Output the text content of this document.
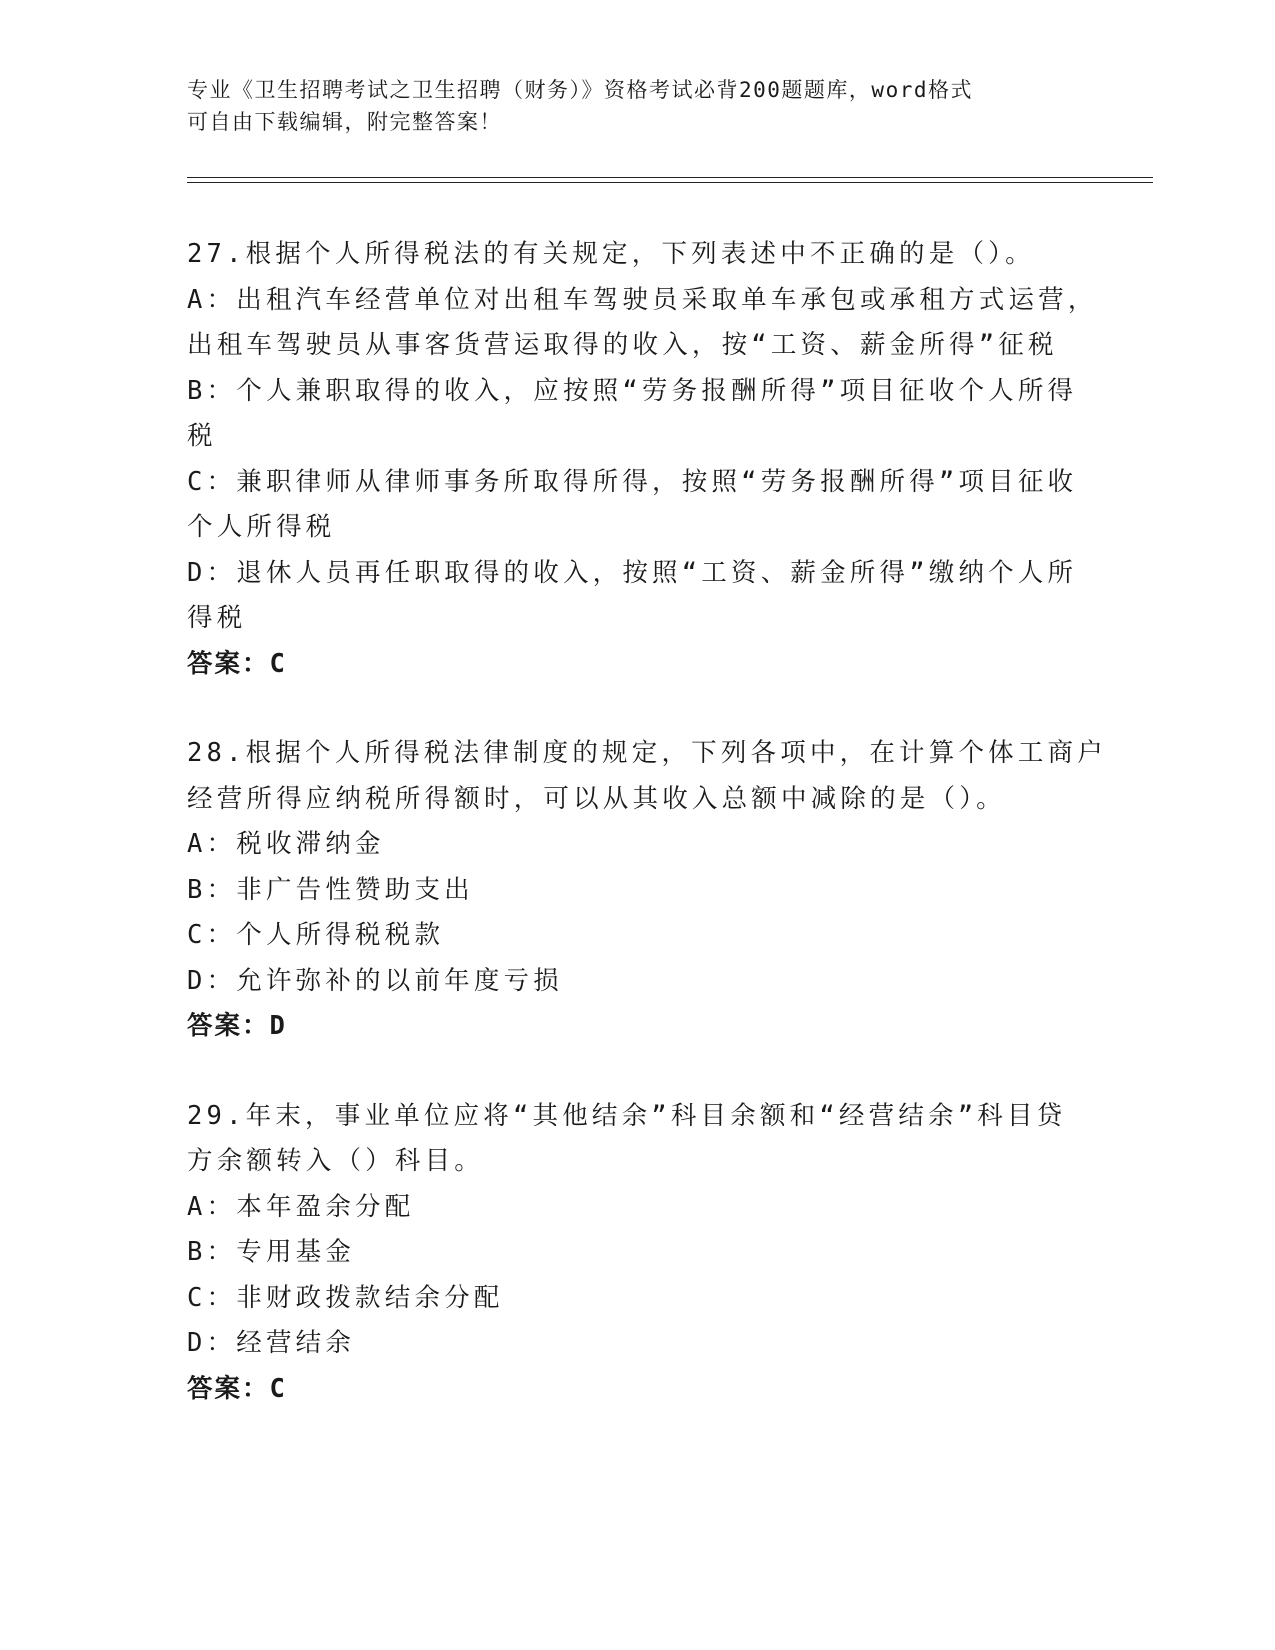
专业《卫生招聘考试之卫生招聘（财务）》资格考试必背200题题库，word格式
可自由下载编辑，附完整答案！
27.根据个人所得税法的有关规定，下列表述中不正确的是（）。
A：出租汽车经营单位对出租车驾驶员采取单车承包或承租方式运营，
出租车驾驶员从事客货营运取得的收入，按“工资、薪金所得”征税
B：个人兼职取得的收入，应按照“劳务报酬所得”项目征收个人所得
税
C：兼职律师从律师事务所取得所得，按照“劳务报酬所得”项目征收
个人所得税
D：退休人员再任职取得的收入，按照“工资、薪金所得”缴纳个人所
得税
答案：C
28.根据个人所得税法律制度的规定，下列各项中，在计算个体工商户
经营所得应纳税所得额时，可以从其收入总额中减除的是（）。
A：税收滞纳金
B：非广告性赞助支出
C：个人所得税税款
D：允许弥补的以前年度亏损
答案：D
29.年末，事业单位应将“其他结余”科目余额和“经营结余”科目贷
方余额转入（）科目。
A：本年盈余分配
B：专用基金
C：非财政拨款结余分配
D：经营结余
答案：C
